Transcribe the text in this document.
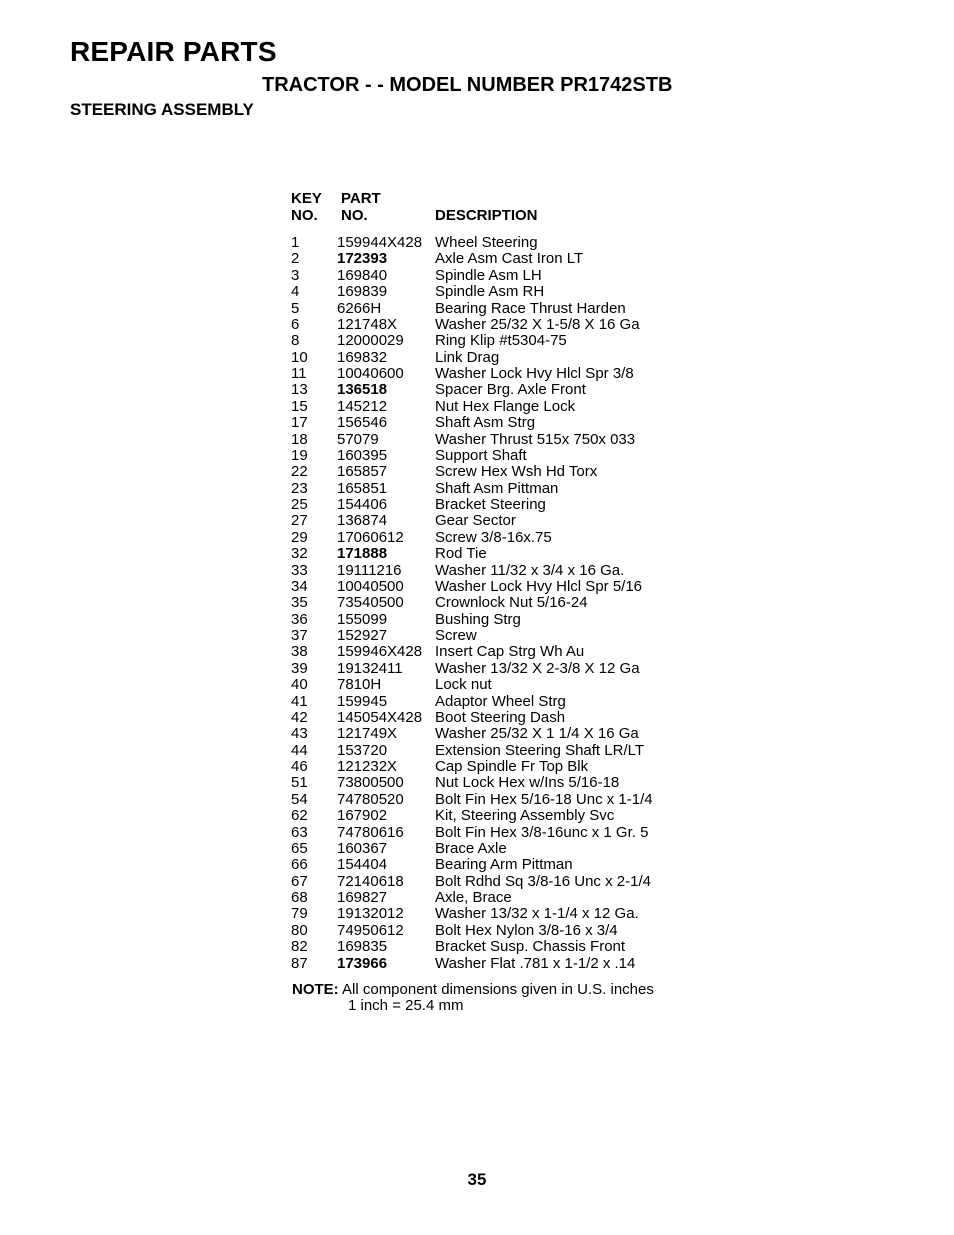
REPAIR PARTS
TRACTOR - - MODEL NUMBER PR1742STB
STEERING ASSEMBLY
KEY
NO.
PART
NO.	DESCRIPTION
1	159944X428 Wheel Steering
2	172393	Axle Asm Cast Iron LT
3	169840	Spindle Asm LH
4	169839	Spindle Asm RH
5	6266H	Bearing Race Thrust Harden
6	121748X	Washer 25/32 X 1-5/8 X 16 Ga
8	12000029 Ring Klip #t5304-75
10 169832	Link Drag
11 10040600 Washer Lock Hvy Hlcl Spr 3/8
13 136518	Spacer Brg. Axle Front
15 145212	Nut Hex Flange Lock
17 156546	Shaft Asm Strg
18 57079	Washer Thrust 515x 750x 033
19 160395	Support Shaft
22 165857	Screw Hex Wsh Hd Torx
23 165851	Shaft Asm Pittman
25 154406	Bracket Steering
27 136874	Gear Sector
29 17060612 Screw 3/8-16x.75
32 171888	Rod Tie
33 19111216 Washer 11/32 x 3/4 x 16 Ga.
34 10040500 Washer Lock Hvy Hlcl Spr 5/16
35 73540500 Crownlock Nut 5/16-24
36 155099	Bushing Strg
37 152927	Screw
38 159946X428 Insert Cap Strg Wh Au
39 19132411 Washer 13/32 X 2-3/8 X 12 Ga
40 7810H	Lock nut
41 159945	Adaptor Wheel Strg
42 145054X428 Boot Steering Dash
43 121749X	Washer 25/32 X 1 1/4 X 16 Ga
44 153720	Extension Steering Shaft LR/LT
46 121232X	Cap Spindle Fr Top Blk
51 73800500 Nut Lock Hex w/Ins 5/16-18
54 74780520 Bolt Fin Hex 5/16-18 Unc x 1-1/4
62 167902	Kit, Steering Assembly Svc
63 74780616 Bolt Fin Hex 3/8-16unc x 1 Gr. 5
65 160367	Brace Axle
66 154404	Bearing Arm Pittman
67 72140618 Bolt Rdhd Sq 3/8-16 Unc x 2-1/4
68 169827	Axle, Brace
79 19132012 Washer 13/32 x 1-1/4 x 12 Ga.
80 74950612 Bolt Hex Nylon 3/8-16 x 3/4
82 169835	Bracket Susp. Chassis Front
87 173966	Washer Flat .781 x 1-1/2 x .14
NOTE: All component dimensions given in U.S. inches
1 inch = 25.4 mm
35
